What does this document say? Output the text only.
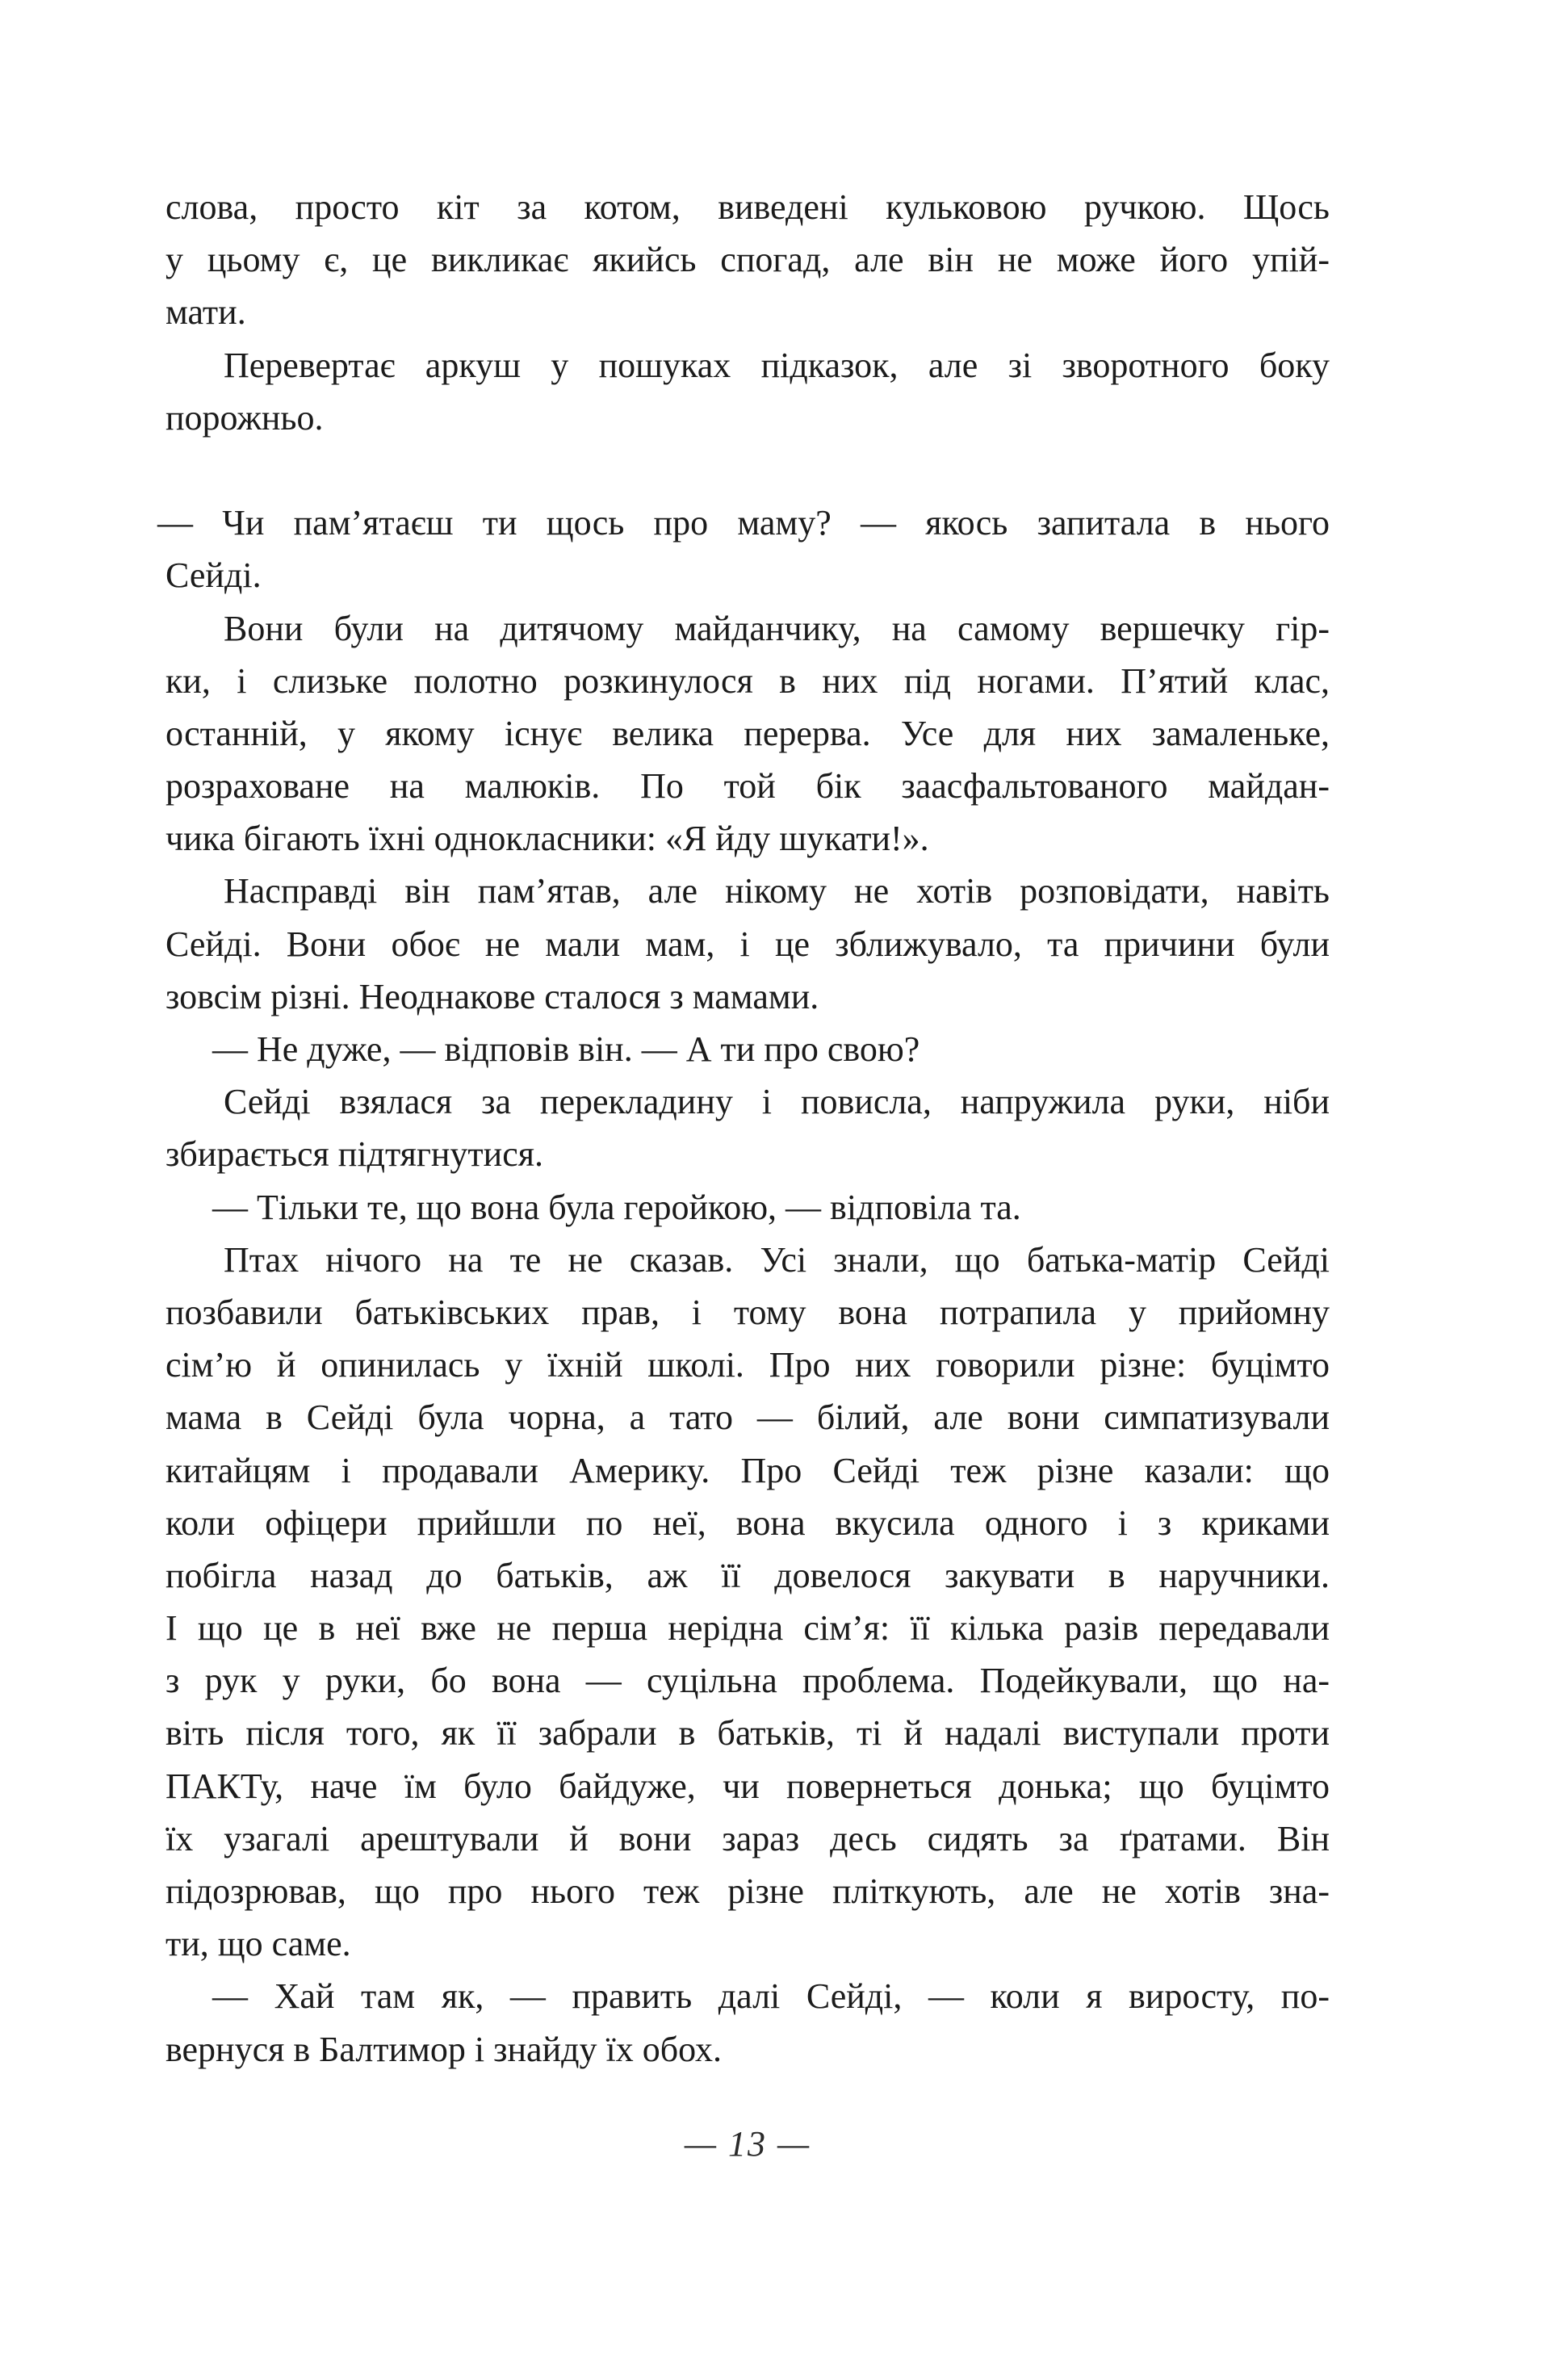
слова, просто кіт за котом, виведені кульковою ручкою. Щось
у цьому є, це викликає якийсь спогад, але він не може його упій-
мати.
Перевертає аркуш у пошуках підказок, але зі зворотного боку
порожньо.
— Чи пам’ятаєш ти щось про маму? — якось запитала в нього
Сейді.
Вони були на дитячому майданчику, на самому вершечку гір-
ки, і слизьке полотно розкинулося в них під ногами. П’ятий клас,
останній, у якому існує велика перерва. Усе для них замаленьке,
розраховане на малюків. По той бік заасфальтованого майдан-
чика бігають їхні однокласники: «Я йду шукати!».
Насправді він пам’ятав, але нікому не хотів розповідати, навіть
Сейді. Вони обоє не мали мам, і це зближувало, та причини були
зовсім різні. Неоднакове сталося з мамами.
— Не дуже, — відповів він. — А ти про свою?
Сейді взялася за перекладину і повисла, напружила руки, ніби
збирається підтягнутися.
— Тільки те, що вона була геройкою, — відповіла та.
Птах нічого на те не сказав. Усі знали, що батька-матір Сейді
позбавили батьківських прав, і тому вона потрапила у прийомну
сім’ю й опинилась у їхній школі. Про них говорили різне: буцімто
мама в Сейді була чорна, а тато — білий, але вони симпатизували
китайцям і продавали Америку. Про Сейді теж різне казали: що
коли офіцери прийшли по неї, вона вкусила одного і з криками
побігла назад до батьків, аж її довелося закувати в наручники.
І що це в неї вже не перша нерідна сім’я: її кілька разів передавали
з рук у руки, бо вона — суцільна проблема. Подейкували, що на-
віть після того, як її забрали в батьків, ті й надалі виступали проти
ПАКТу, наче їм було байдуже, чи повернеться донька; що буцімто
їх узагалі арештували й вони зараз десь сидять за ґратами. Він
підозрював, що про нього теж різне пліткують, але не хотів зна-
ти, що саме.
— Хай там як, — править далі Сейді, — коли я виросту, по-
вернуся в Балтимор і знайду їх обох.
— 13 —
